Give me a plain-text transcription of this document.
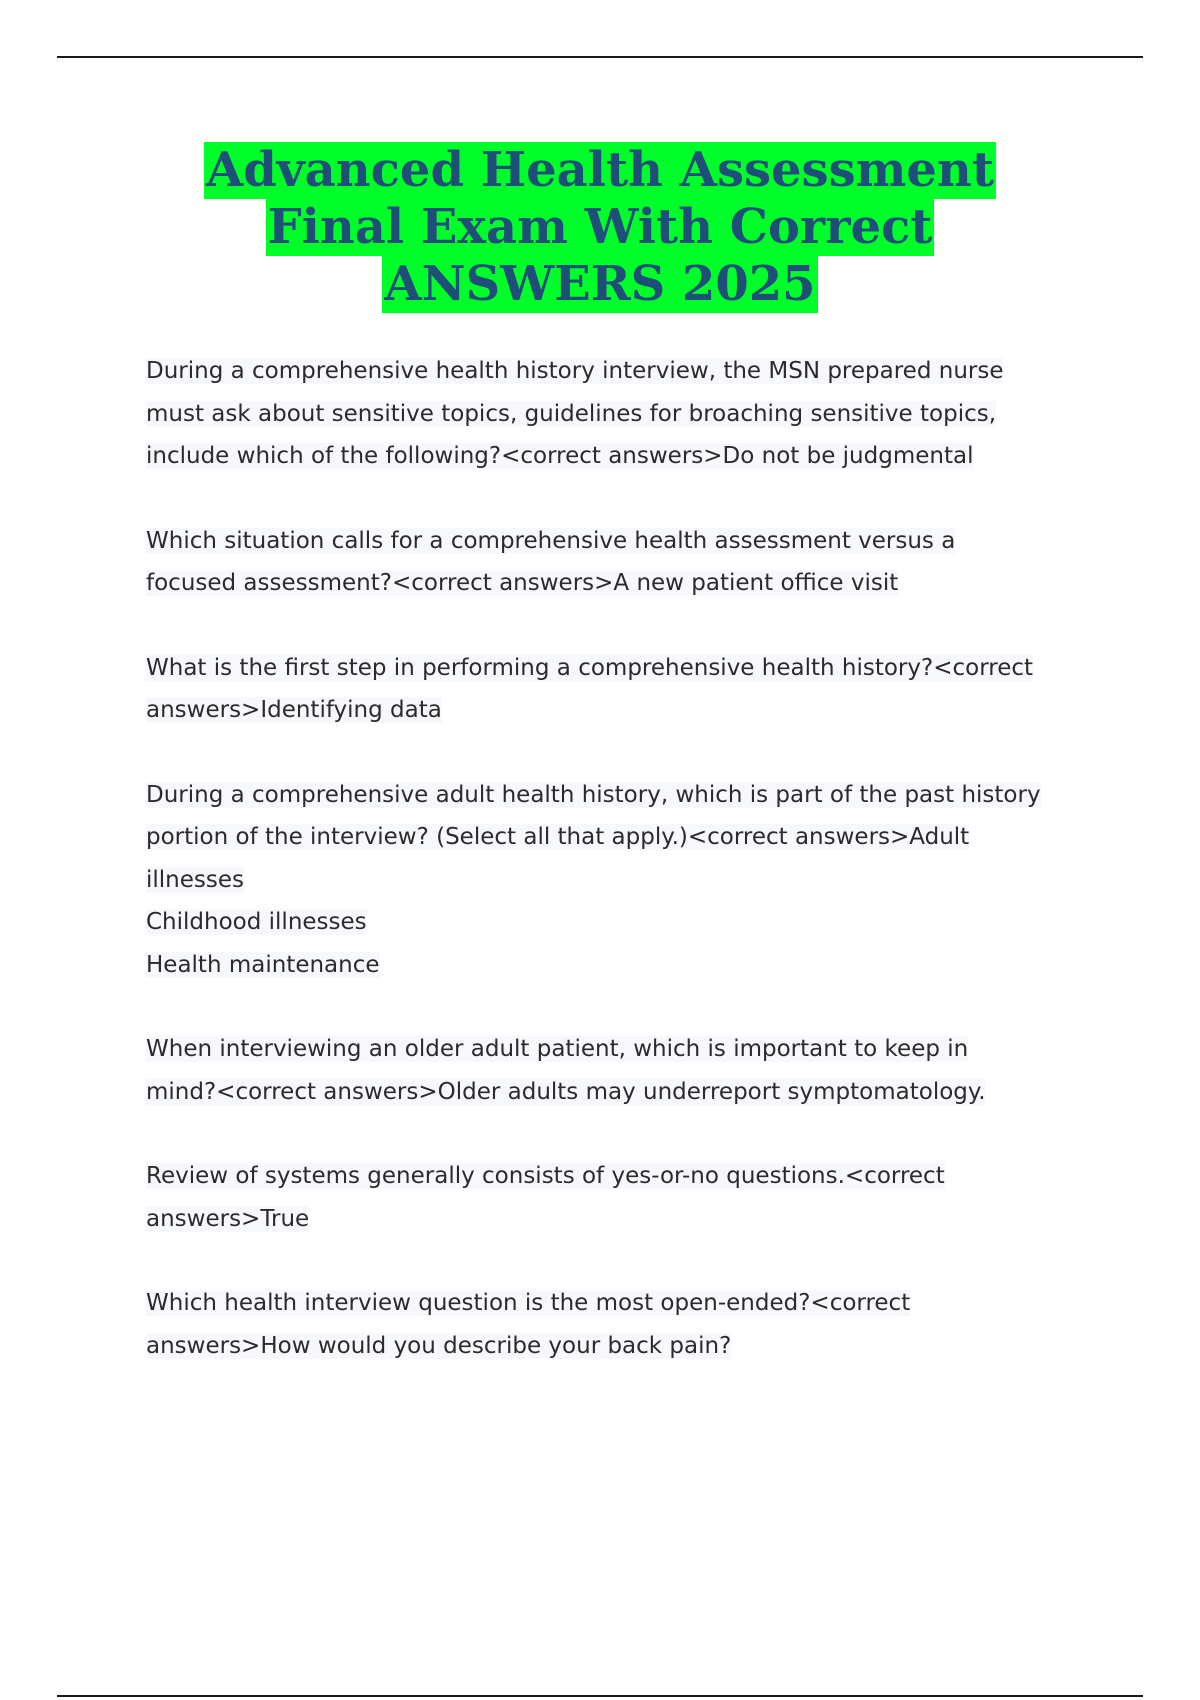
Advanced Health Assessment
Final Exam With Correct
ANSWERS 2025

During a comprehensive health history interview, the MSN prepared nurse

must ask about sensitive topics, guidelines for broaching sensitive topics,

include which of the following?<correct answers>Do not be judgmental

Which situation calls for a comprehensive health assessment versus a

focused assessment?<correct answers>A new patient office visit

What is the first step in performing a comprehensive health history?<correct

answers>Identifying data

During a comprehensive adult health history, which is part of the past history

portion of the interview? (Select all that apply.)<correct answers>Adult

illnesses

Childhood illnesses

Health maintenance

When interviewing an older adult patient, which is important to keep in

mind?<correct answers>Older adults may underreport symptomatology.

Review of systems generally consists of yes-or-no questions.<correct

answers>True

Which health interview question is the most open-ended?<correct

answers>How would you describe your back pain?
